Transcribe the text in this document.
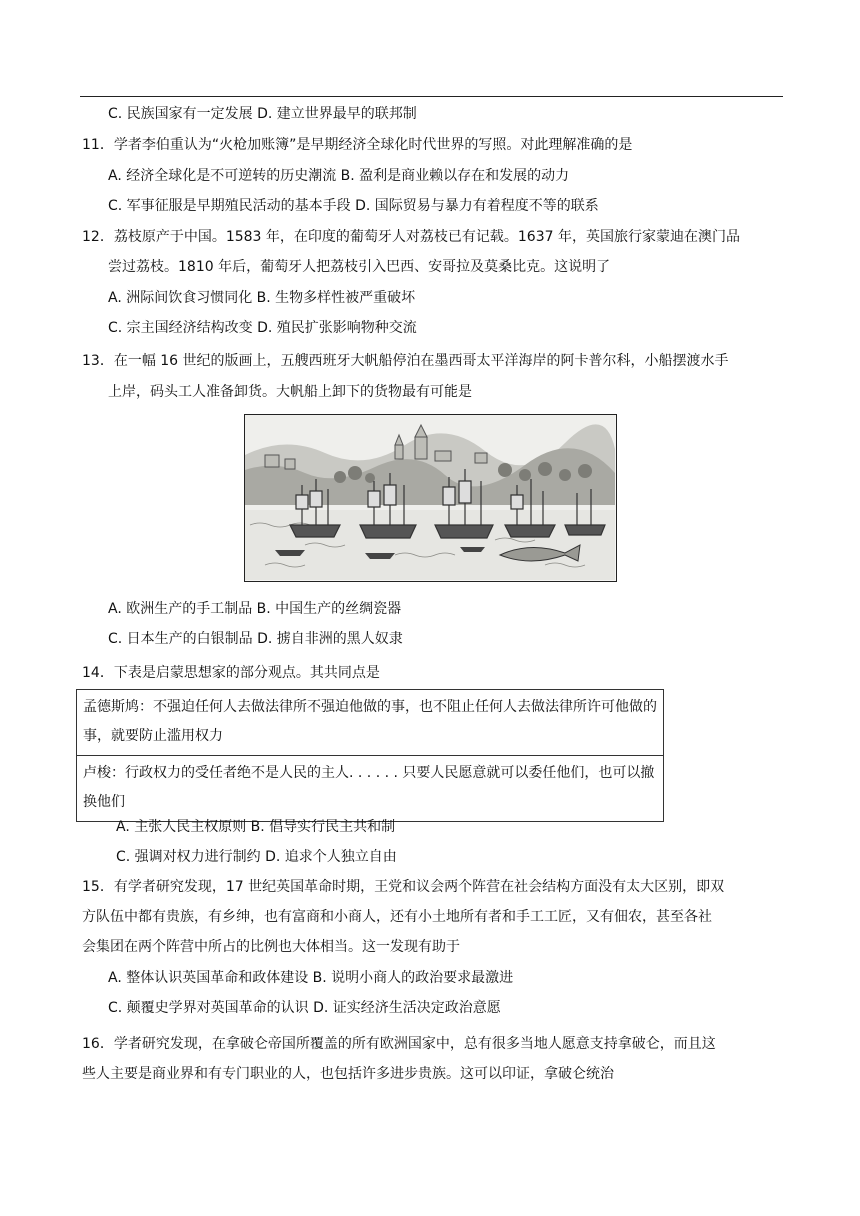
C. 民族国家有一定发展 D. 建立世界最早的联邦制
11．学者李伯重认为“火枪加账簿”是早期经济全球化时代世界的写照。对此理解准确的是
A. 经济全球化是不可逆转的历史潮流 B. 盈利是商业赖以存在和发展的动力
C. 军事征服是早期殖民活动的基本手段 D. 国际贸易与暴力有着程度不等的联系
12．荔枝原产于中国。1583 年，在印度的葡萄牙人对荔枝已有记载。1637 年，英国旅行家蒙迪在澳门品
尝过荔枝。1810 年后，葡萄牙人把荔枝引入巴西、安哥拉及莫桑比克。这说明了
A. 洲际间饮食习惯同化 B. 生物多样性被严重破坏
C. 宗主国经济结构改变 D. 殖民扩张影响物种交流
13．在一幅 16 世纪的版画上，五艘西班牙大帆船停泊在墨西哥太平洋海岸的阿卡普尔科，小船摆渡水手
上岸，码头工人准备卸货。大帆船上卸下的货物最有可能是
A. 欧洲生产的手工制品 B. 中国生产的丝绸瓷器
C. 日本生产的白银制品 D. 掳自非洲的黑人奴隶
14．下表是启蒙思想家的部分观点。其共同点是
孟德斯鸠：不强迫任何人去做法律所不强迫他做的事，也不阻止任何人去做法律所许可他做的事，就要防止滥用权力
卢梭：行政权力的受任者绝不是人民的主人. . . . . . 只要人民愿意就可以委任他们，也可以撤换他们
A. 主张人民主权原则 B. 倡导实行民主共和制
C. 强调对权力进行制约 D. 追求个人独立自由
15．有学者研究发现，17 世纪英国革命时期，王党和议会两个阵营在社会结构方面没有太大区别，即双
方队伍中都有贵族，有乡绅，也有富商和小商人，还有小土地所有者和手工工匠，又有佃农，甚至各社
会集团在两个阵营中所占的比例也大体相当。这一发现有助于
A. 整体认识英国革命和政体建设 B. 说明小商人的政治要求最激进
C. 颠覆史学界对英国革命的认识 D. 证实经济生活决定政治意愿
16．学者研究发现，在拿破仑帝国所覆盖的所有欧洲国家中，总有很多当地人愿意支持拿破仑，而且这
些人主要是商业界和有专门职业的人，也包括许多进步贵族。这可以印证，拿破仑统治
